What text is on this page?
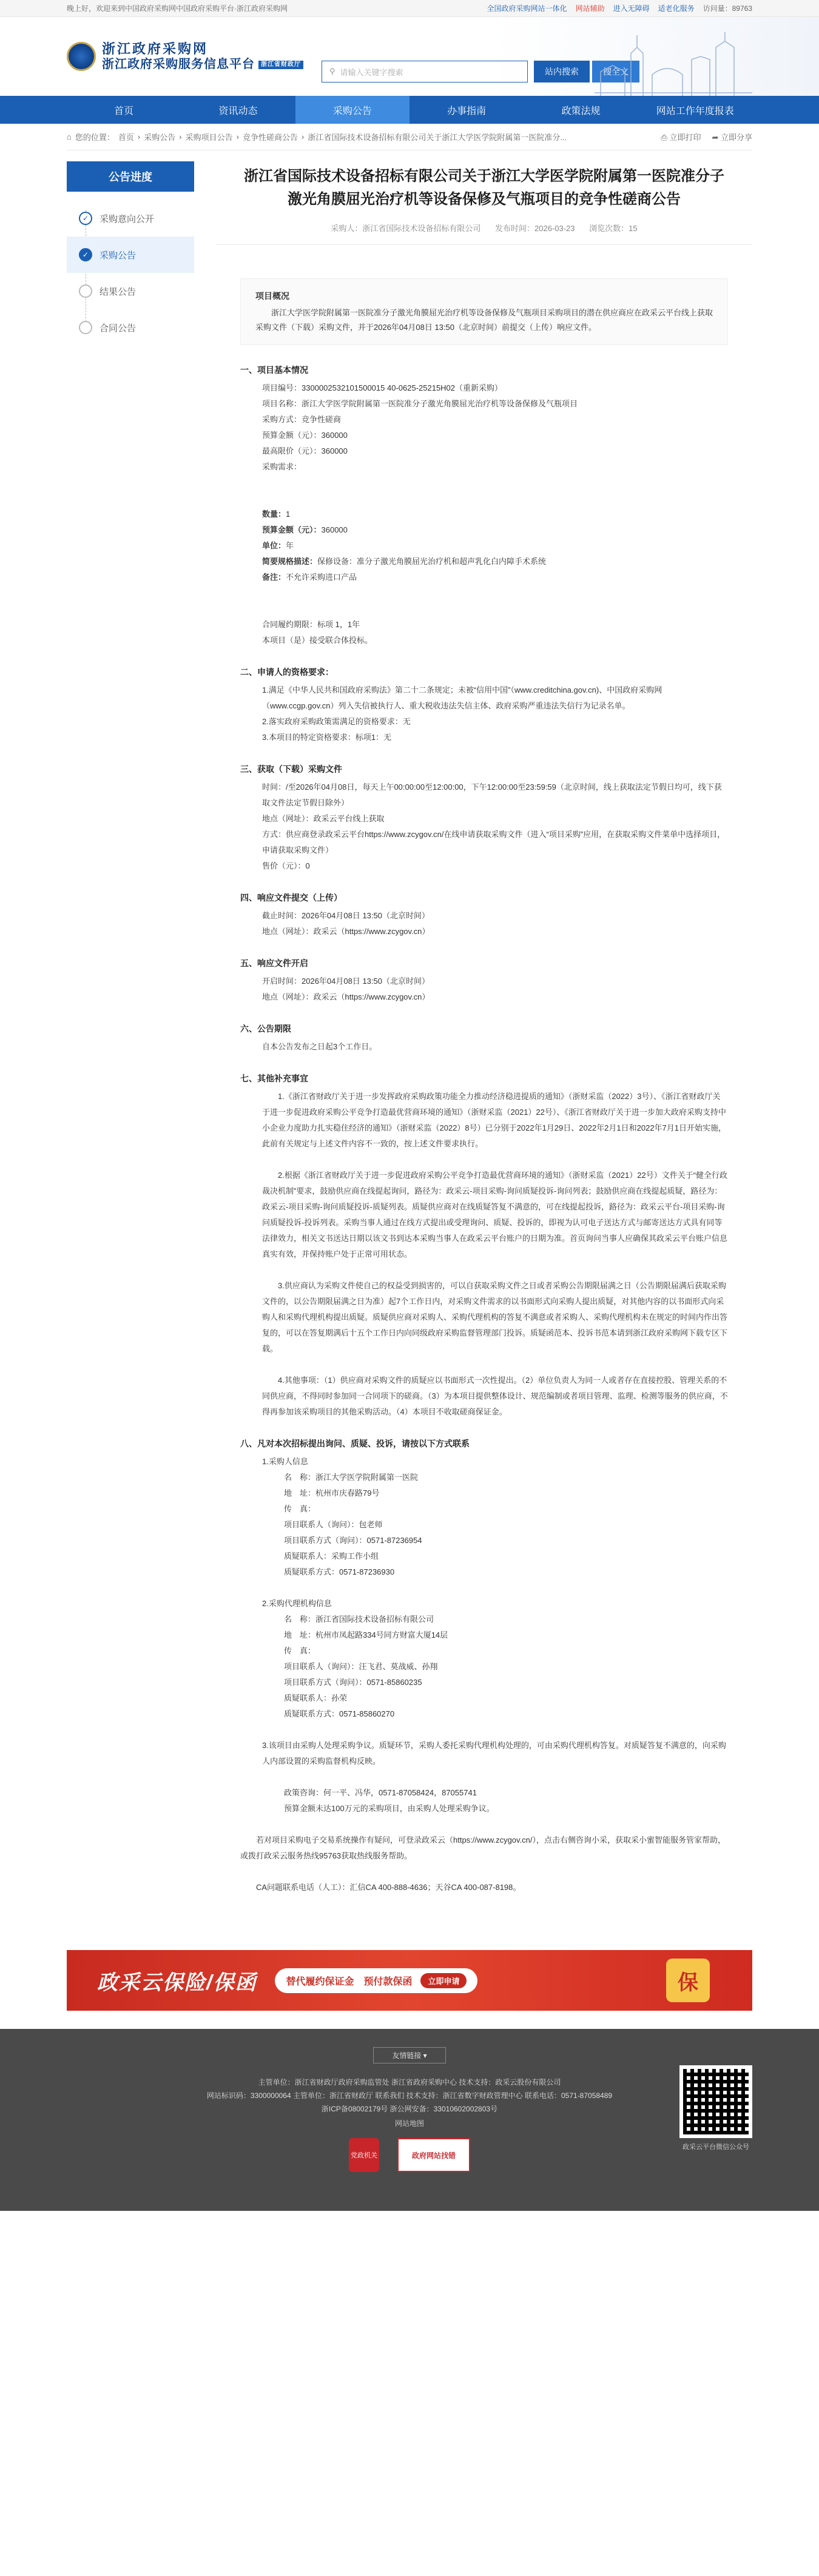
晚上好，欢迎来到中国政府采购网中国政府采购平台·浙江政府采购网	全国政府采购网站一体化 网站辅助 进入无障碍 适老化服务 访问量：89763
浙江政府采购网
浙江政府采购服务信息平台 浙江省财政厅
⚲ 请输入关键字搜索	站内搜索	搜全文
首页	资讯动态	采购公告	办事指南	政策法规	网站工作年度报表
⌂ 您的位置： 首页 › 采购公告 › 采购项目公告 › 竞争性磋商公告 › 浙江省国际技术设备招标有限公司关于浙江大学医学院附属第一医院准分...	⎙ 立即打印 ➦ 立即分享
公告进度
✓	采购意向公开
✓	采购公告
结果公告
合同公告
浙江省国际技术设备招标有限公司关于浙江大学医学院附属第一医院准分子激光角膜屈光治疗机等设备保修及气瓶项目的竞争性磋商公告
采购人：浙江省国际技术设备招标有限公司 发布时间：2026-03-23 浏览次数：15
项目概况

浙江大学医学院附属第一医院准分子激光角膜屈光治疗机等设备保修及气瓶项目采购项目的潜在供应商应在政采云平台线上获取采购文件（下载）采购文件，并于2026年04月08日 13:50（北京时间）前提交（上传）响应文件。

一、项目基本情况
项目编号：3300002532101500015 40-0625-25215H02（重新采购）
项目名称：浙江大学医学院附属第一医院准分子激光角膜屈光治疗机等设备保修及气瓶项目
采购方式：竞争性磋商
预算金额（元）：360000
最高限价（元）：360000
采购需求：
数量：1
预算金额（元）：360000
单位：年
简要规格描述：保修设备：准分子激光角膜屈光治疗机和超声乳化白内障手术系统
备注：不允许采购进口产品
合同履约期限：标项 1，1年
本项目（是）接受联合体投标。
二、申请人的资格要求：

1.满足《中华人民共和国政府采购法》第二十二条规定；未被“信用中国”（www.creditchina.gov.cn)、中国政府采购网（www.ccgp.gov.cn）列入失信被执行人、重大税收违法失信主体、政府采购严重违法失信行为记录名单。

2.落实政府采购政策需满足的资格要求：无

3.本项目的特定资格要求：标项1：无

三、获取（下载）采购文件

时间：/至2026年04月08日，每天上午00:00:00至12:00:00，下午12:00:00至23:59:59（北京时间，线上获取法定节假日均可，线下获取文件法定节假日除外）

地点（网址）：政采云平台线上获取

方式：供应商登录政采云平台https://www.zcygov.cn/在线申请获取采购文件（进入“项目采购”应用，在获取采购文件菜单中选择项目，申请获取采购文件）

售价（元）：0

四、响应文件提交（上传）

截止时间：2026年04月08日 13:50（北京时间）

地点（网址）：政采云（https://www.zcygov.cn）

五、响应文件开启

开启时间：2026年04月08日 13:50（北京时间）

地点（网址）：政采云（https://www.zcygov.cn）

六、公告期限

自本公告发布之日起3个工作日。

七、其他补充事宜

1.《浙江省财政厅关于进一步发挥政府采购政策功能全力推动经济稳进提质的通知》（浙财采监（2022）3号）、《浙江省财政厅关于进一步促进政府采购公平竞争打造最优营商环境的通知》（浙财采监（2021）22号）、《浙江省财政厅关于进一步加大政府采购支持中小企业力度助力扎实稳住经济的通知》（浙财采监（2022）8号）已分别于2022年1月29日、2022年2月1日和2022年7月1日开始实施，此前有关规定与上述文件内容不一致的，按上述文件要求执行。

2.根据《浙江省财政厅关于进一步促进政府采购公平竞争打造最优营商环境的通知》（浙财采监（2021）22号）文件关于“健全行政裁决机制”要求，鼓励供应商在线提起询问，路径为：政采云-项目采购-询问质疑投诉-询问列表；鼓励供应商在线提起质疑，路径为：政采云-项目采购-询问质疑投诉-质疑列表。质疑供应商对在线质疑答复不满意的，可在线提起投诉，路径为：政采云平台-项目采购-询问质疑投诉-投诉列表。采购当事人通过在线方式提出或受理询问、质疑、投诉的，即视为认可电子送达方式与邮寄送达方式具有同等法律效力，相关文书送达日期以该文书到达本采购当事人在政采云平台账户的日期为准。首页询问当事人应确保其政采云平台账户信息真实有效，并保持账户处于正常可用状态。

3.供应商认为采购文件使自己的权益受到损害的，可以自获取采购文件之日或者采购公告期限届满之日（公告期限届满后获取采购文件的，以公告期限届满之日为准）起7个工作日内，对采购文件需求的以书面形式向采购人提出质疑，对其他内容的以书面形式向采购人和采购代理机构提出质疑。质疑供应商对采购人、采购代理机构的答复不满意或者采购人、采购代理机构未在规定的时间内作出答复的，可以在答复期满后十五个工作日内向同级政府采购监督管理部门投诉。质疑函范本、投诉书范本请到浙江政府采购网下载专区下载。

4.其他事项：（1）供应商对采购文件的质疑应以书面形式一次性提出。（2）单位负责人为同一人或者存在直接控股、管理关系的不同供应商，不得同时参加同一合同项下的磋商。（3）为本项目提供整体设计、规范编制或者项目管理、监理、检测等服务的供应商，不得再参加该采购项目的其他采购活动。（4）本项目不收取磋商保证金。

八、凡对本次招标提出询问、质疑、投诉，请按以下方式联系
1.采购人信息
名　称：浙江大学医学院附属第一医院
地　址：杭州市庆春路79号
传　真：
项目联系人（询问）：包老师
项目联系方式（询问）：0571-87236954
质疑联系人：采购工作小组
质疑联系方式：0571-87236930
2.采购代理机构信息
名　称：浙江省国际技术设备招标有限公司
地　址：杭州市凤起路334号同方财富大厦14层
传　真：
项目联系人（询问）：汪飞君、莫战威、孙翔
项目联系方式（询问）：0571-85860235
质疑联系人：孙荣
质疑联系方式：0571-85860270

3.该项目由采购人处理采购争议。质疑环节，采购人委托采购代理机构处理的，可由采购代理机构答复。对质疑答复不满意的，向采购人内部设置的采购监督机构反映。

政策咨询：何一平、冯华，0571-87058424，87055741
预算金额未达100万元的采购项目，由采购人处理采购争议。

若对项目采购电子交易系统操作有疑问，可登录政采云（https://www.zcygov.cn/），点击右侧咨询小采，获取采小蜜智能服务管家帮助，或拨打政采云服务热线95763获取热线服务帮助。

CA问题联系电话（人工）：汇信CA 400-888-4636；天谷CA 400-087-8198。

政采云保险/保函	替代履约保证金　预付款保函	立即申请	保
友情链接 ▾
主管单位：浙江省财政厅政府采购监管处 浙江省政府采购中心 技术支持：政采云股份有限公司
网站标识码：3300000064 主管单位：浙江省财政厅 联系我们 技术支持：浙江省数字财政管理中心 联系电话：0571-87058489
浙ICP备08002179号 浙公网安备：33010602002803号
网站地图
党政机关	政府网站找错
政采云平台微信公众号
